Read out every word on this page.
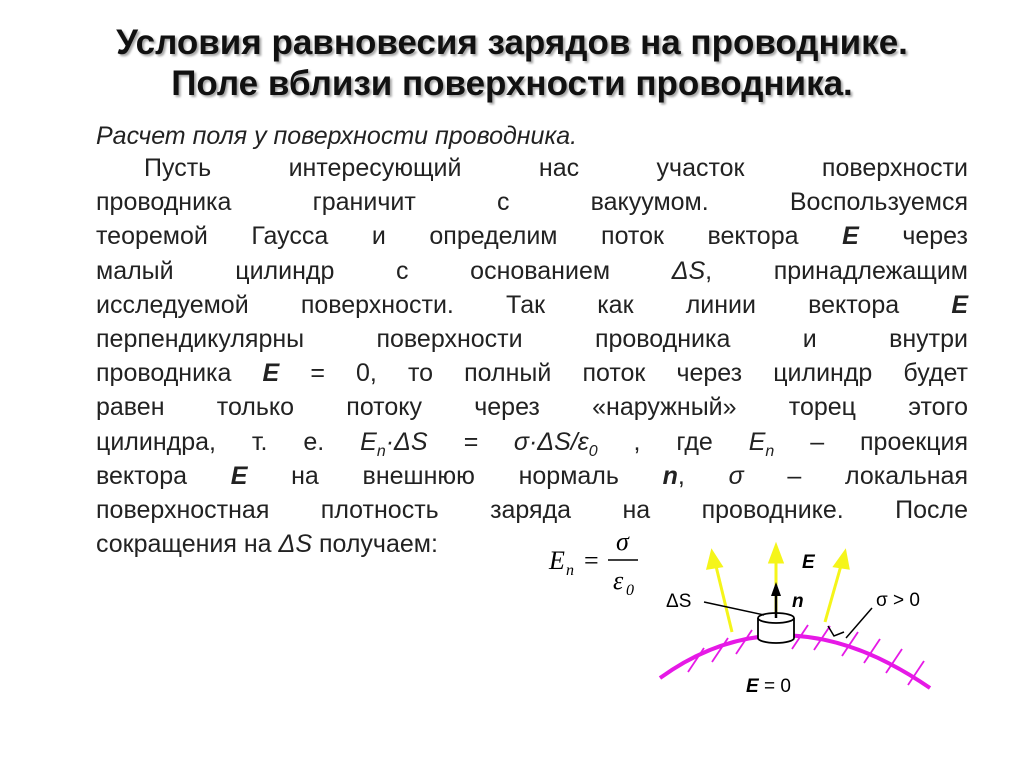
Условия равновесия зарядов на проводнике.
Поле вблизи поверхности проводника.
Расчет поля у поверхности проводника.
Пусть интересующий нас участок поверхности
проводника граничит с вакуумом. Воспользуемся
теоремой Гаусса и определим поток вектора E через
малый цилиндр с основанием ΔS, принадлежащим
исследуемой поверхности. Так как линии вектора E
перпендикулярны поверхности проводника и внутри
проводника E = 0, то полный поток через цилиндр будет
равен только потоку через «наружный» торец этого
цилиндра, т. е. $E_n\cdot\Delta S = \sigma\cdot\Delta S/\varepsilon_0$ , где $E_n$ – проекция
вектора E на внешнюю нормаль n, σ – локальная
поверхностная плотность заряда на проводнике. После
сокращения на ΔS получаем:
E n =
σ
ε 0
E
ΔS	n	σ > 0
E = 0
